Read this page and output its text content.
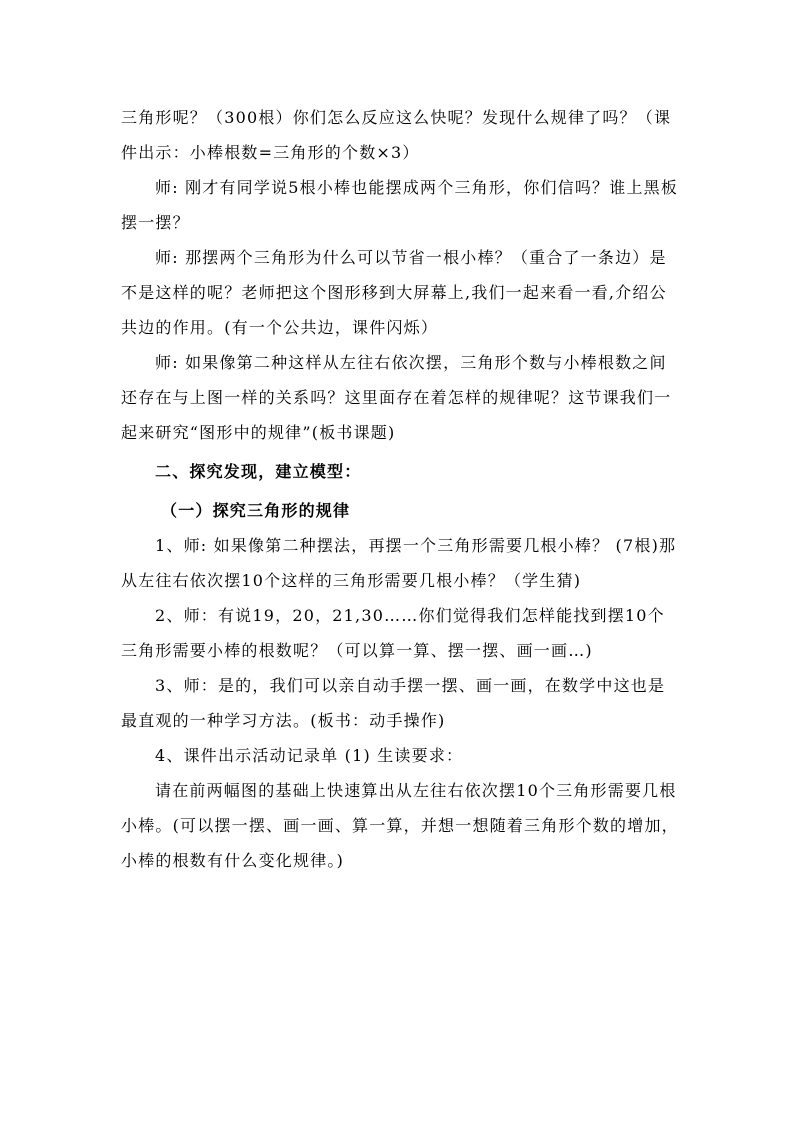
三角形呢？（300根）你们怎么反应这么快呢？发现什么规律了吗？（课件出示：小棒根数=三角形的个数×3）

师: 刚才有同学说5根小棒也能摆成两个三角形，你们信吗？谁上黑板摆一摆？

师: 那摆两个三角形为什么可以节省一根小棒？（重合了一条边）是不是这样的呢？老师把这个图形移到大屏幕上,我们一起来看一看,介绍公共边的作用。(有一个公共边，课件闪烁）

师: 如果像第二种这样从左往右依次摆，三角形个数与小棒根数之间还存在与上图一样的关系吗？这里面存在着怎样的规律呢？这节课我们一起来研究“图形中的规律”(板书课题)

二、探究发现，建立模型：

（一）探究三角形的规律

1、师: 如果像第二种摆法，再摆一个三角形需要几根小棒？ (7根)那从左往右依次摆10个这样的三角形需要几根小棒？（学生猜)

2、师：有说19，20，21,30……你们觉得我们怎样能找到摆10个三角形需要小棒的根数呢？（可以算一算、摆一摆、画一画…)

3、师：是的，我们可以亲自动手摆一摆、画一画，在数学中这也是最直观的一种学习方法。(板书：动手操作)

4、课件出示活动记录单 (1) 生读要求：

请在前两幅图的基础上快速算出从左往右依次摆10个三角形需要几根小棒。(可以摆一摆、画一画、算一算，并想一想随着三角形个数的增加，小棒的根数有什么变化规律。)
